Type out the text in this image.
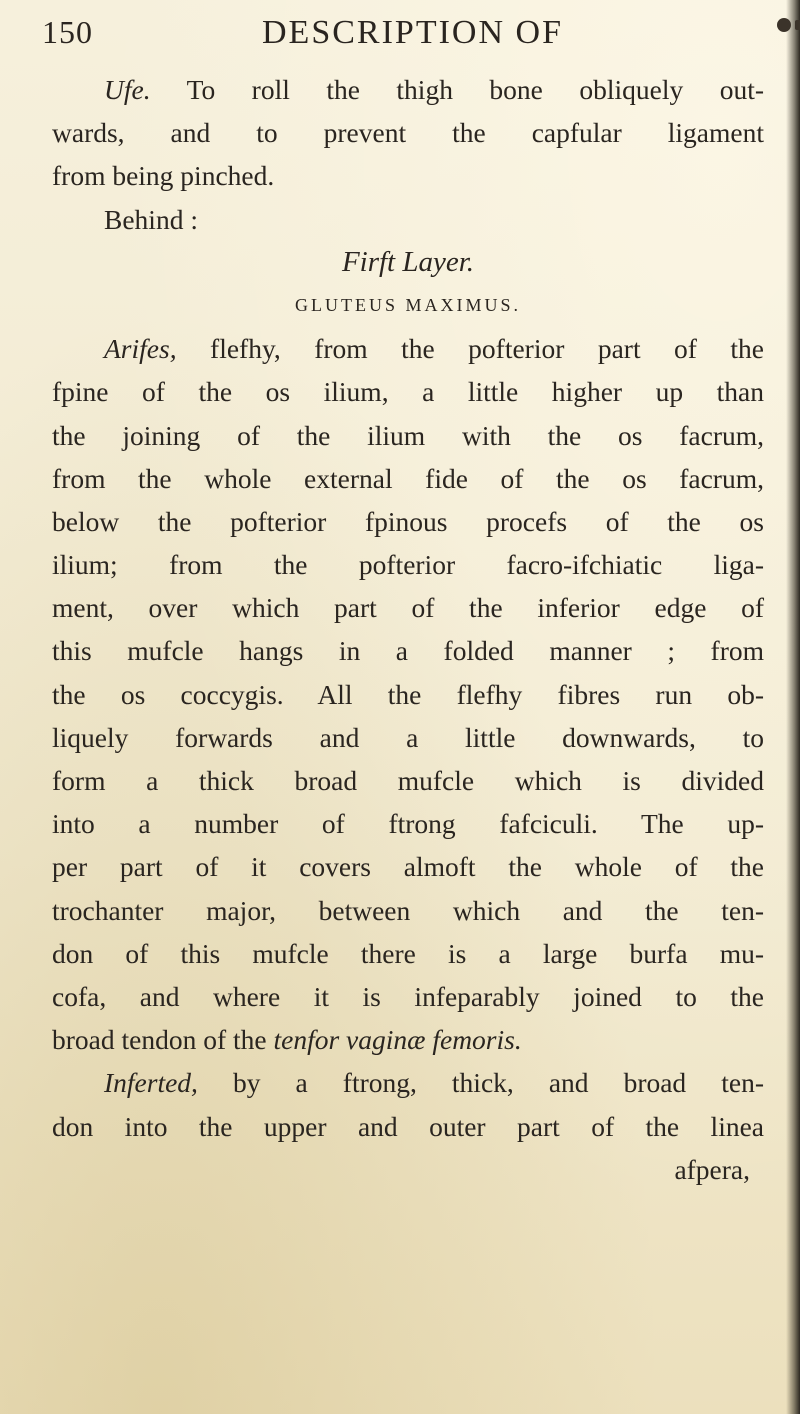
150	DESCRIPTION OF
Ufe. To roll the thigh bone obliquely out-
wards, and to prevent the capfular ligament
from being pinched.
Behind :
Firft Layer.
GLUTEUS MAXIMUS.
Arifes, flefhy, from the pofterior part of the
fpine of the os ilium, a little higher up than
the joining of the ilium with the os facrum,
from the whole external fide of the os facrum,
below the pofterior fpinous procefs of the os
ilium; from the pofterior facro-ifchiatic liga-
ment, over which part of the inferior edge of
this mufcle hangs in a folded manner ; from
the os coccygis. All the flefhy fibres run ob-
liquely forwards and a little downwards, to
form a thick broad mufcle which is divided
into a number of ftrong fafciculi. The up-
per part of it covers almoft the whole of the
trochanter major, between which and the ten-
don of this mufcle there is a large burfa mu-
cofa, and where it is infeparably joined to the
broad tendon of the tenfor vaginæ femoris.
Inferted, by a ftrong, thick, and broad ten-
don into the upper and outer part of the linea
afpera,
